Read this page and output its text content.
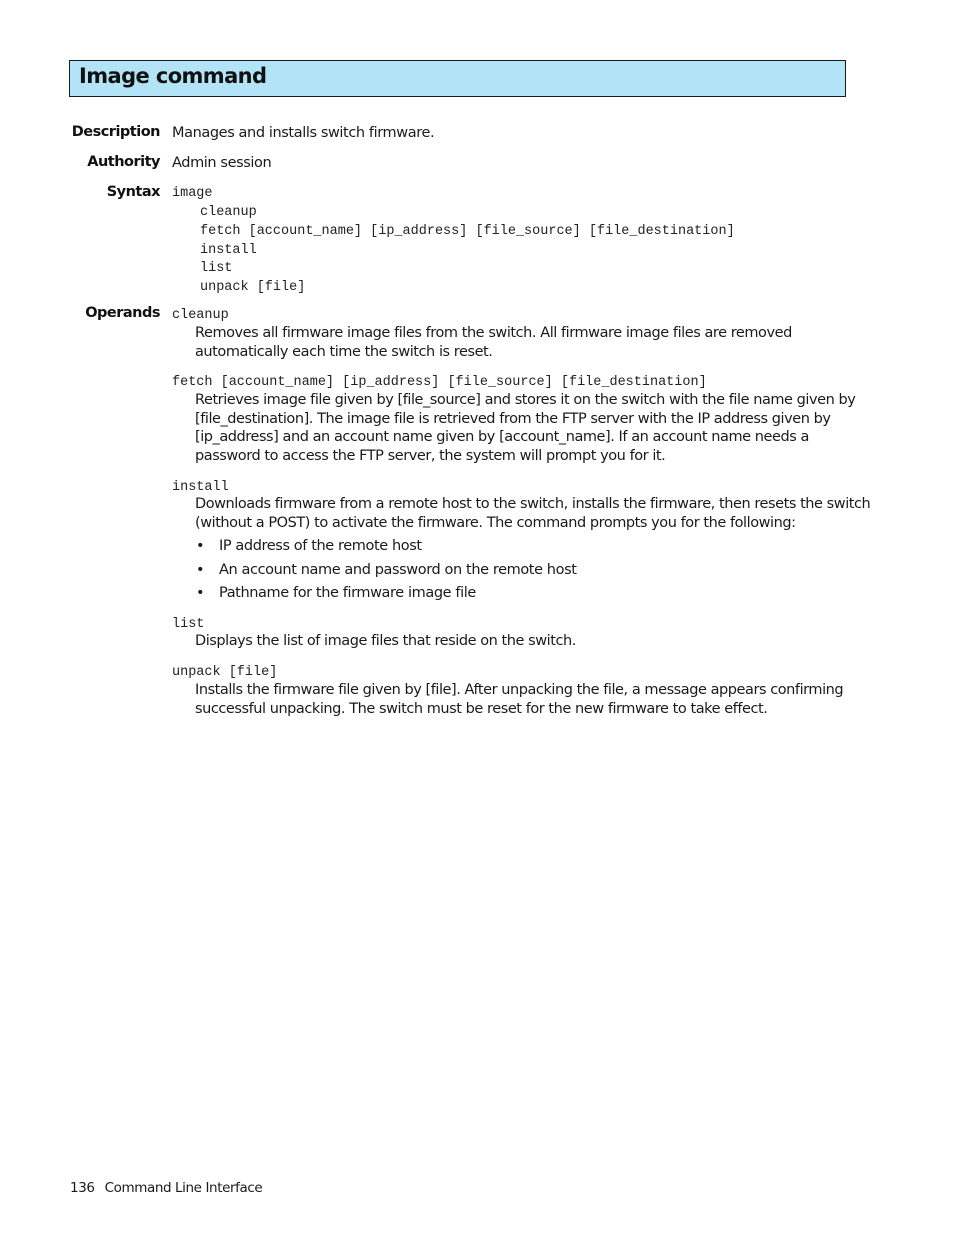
Image command
Description Manages and installs switch firmware.
Authority Admin session
Syntax image
cleanup
fetch [account_name] [ip_address] [file_source] [file_destination]
install
list
unpack [file]
Operands cleanup
Removes all firmware image files from the switch. All firmware image files are removed
automatically each time the switch is reset.
fetch [account_name] [ip_address] [file_source] [file_destination]
Retrieves image file given by [file_source] and stores it on the switch with the file name given by
[file_destination]. The image file is retrieved from the FTP server with the IP address given by
[ip_address] and an account name given by [account_name]. If an account name needs a
password to access the FTP server, the system will prompt you for it.
install
Downloads firmware from a remote host to the switch, installs the firmware, then resets the switch
(without a POST) to activate the firmware. The command prompts you for the following:
• IP address of the remote host
• An account name and password on the remote host
• Pathname for the firmware image file
list
Displays the list of image files that reside on the switch.
unpack [file]
Installs the firmware file given by [file]. After unpacking the file, a message appears confirming
successful unpacking. The switch must be reset for the new firmware to take effect.
136 Command Line Interface
